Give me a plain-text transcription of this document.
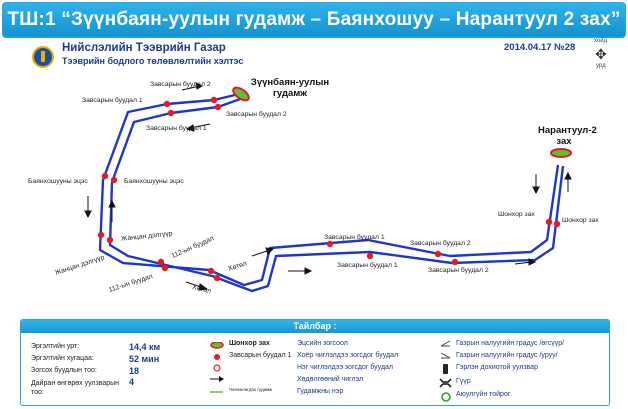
ТШ:1 “Зүүнбаян-уулын гудамж – Баянхошуу – Нарантуул 2 зах”
Нийслэлийн Тээврийн Газар
Тээврийн бодлого төлөвлөлтийн хэлтэс
2014.04.17 №28
хойд
✥
урд
Зүүнбаян-уулын гудамж
Нарантуул-2 зах
Завсарын буудал 2
Завсарын буудал 1
Завсарын буудал 2
Завсарын буудал 1
Баянхошууны эцэс	Баянхошууны эцэс
Жанцан дэлгүүр
Жанцан дэлгүүр
112-ын буудал
112-ын буудал
Хөтөл
Хөтөл
Завсарын буудал 1
Завсарын буудал 1
Завсарын буудал 2
Завсарын буудал 2
Шонхор зах
Шонхор зах
Тайлбар :
Эргэлтийн урт:	14,4 км
Эргэлтийн хугацаа:	52 мин
Зогсох буудлын тоо:	18
Дайран өнгөрөх уулзварын тоо:
4
Шонхор зах
Завсарын буудал 1
Чөлөөлөгдөх гудамж
Эцсийн зогсоол
Хоёр чиглэлдээ зогсдог буудал
Нэг чиглэлдээ зогсдог буудал
Хөдөлгөөний чиглэл
Гудамжны нэр
Газрын налуугийн градус /өгсүүр/
Газрын налуугийн градус /уруу/
Гэрлэн дохиотой уулзвар
Гүүр
Аюулгүйн тойрог
